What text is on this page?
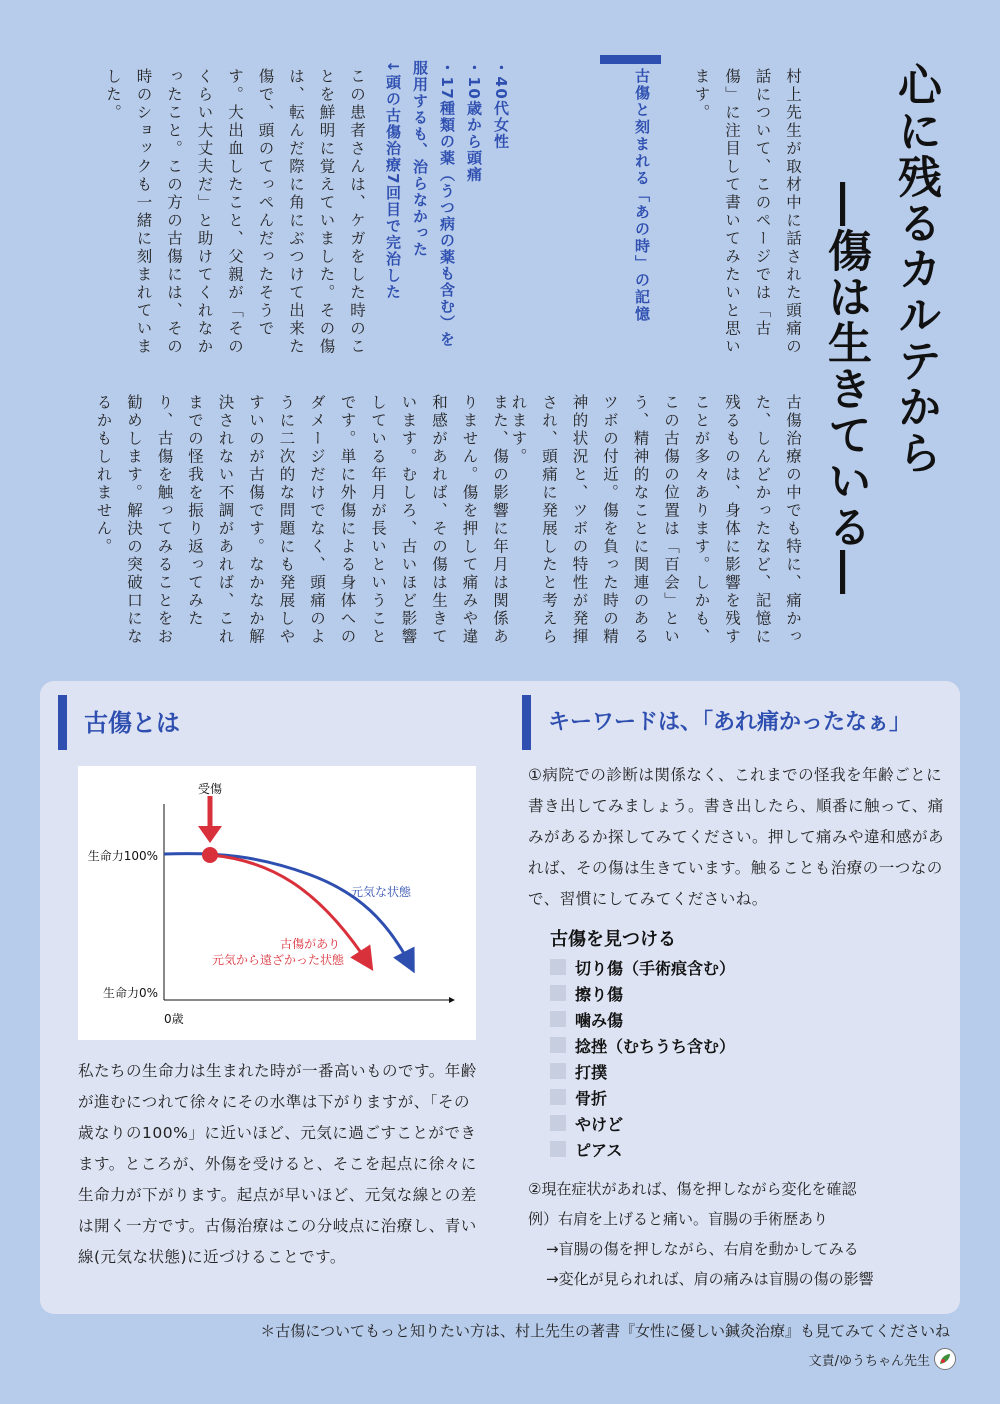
心に残るカルテから
―傷は生きている―
村上先生が取材中に話された頭痛の話について、このページでは「古傷」に注目して書いてみたいと思います。
古傷と刻まれる「あの時」の記憶
・40代女性
・10歳から頭痛
・17種類の薬（うつ病の薬も含む）を服用するも、治らなかった
↓頭の古傷治療7回目で完治した
この患者さんは、ケガをした時のことを鮮明に覚えていました。その傷は、転んだ際に角にぶつけて出来た傷で、頭のてっぺんだったそうです。大出血したこと、父親が「そのくらい大丈夫だ」と助けてくれなかったこと。この方の古傷には、その時のショックも一緒に刻まれていました。
古傷治療の中でも特に、痛かった、しんどかったなど、記憶に残るものは、身体に影響を残すことが多々あります。しかも、この古傷の位置は「百会」という、精神的なことに関連のあるツボの付近。傷を負った時の精神的状況と、ツボの特性が発揮され、頭痛に発展したと考えられます。
また、傷の影響に年月は関係ありません。傷を押して痛みや違和感があれば、その傷は生きています。むしろ、古いほど影響している年月が長いということです。単に外傷による身体へのダメージだけでなく、頭痛のように二次的な問題にも発展しやすいのが古傷です。なかなか解決されない不調があれば、これまでの怪我を振り返ってみたり、古傷を触ってみることをお勧めします。解決の突破口になるかもしれません。
古傷とは	キーワードは、「あれ痛かったなぁ」
生命力100%
生命力0%
0歳
受傷
元気な状態
古傷があり 元気から遠ざかった状態
私たちの生命力は生まれた時が一番高いものです。年齢が進むにつれて徐々にその水準は下がりますが、「その歳なりの100%」に近いほど、元気に過ごすことができます。ところが、外傷を受けると、そこを起点に徐々に生命力が下がります。起点が早いほど、元気な線との差は開く一方です。古傷治療はこの分岐点に治療し、青い線(元気な状態)に近づけることです。
①病院での診断は関係なく、これまでの怪我を年齢ごとに書き出してみましょう。書き出したら、順番に触って、痛みがあるか探してみてください。押して痛みや違和感があれば、その傷は生きています。触ることも治療の一つなので、習慣にしてみてくださいね。
古傷を見つける
切り傷（手術痕含む）
擦り傷
噛み傷
捻挫（むちうち含む）
打撲
骨折
やけど
ピアス
②現在症状があれば、傷を押しながら変化を確認
例）右肩を上げると痛い。盲腸の手術歴あり
→盲腸の傷を押しながら、右肩を動かしてみる
→変化が見られれば、肩の痛みは盲腸の傷の影響
＊古傷についてもっと知りたい方は、村上先生の著書『女性に優しい鍼灸治療』も見てみてくださいね
文責/ゆうちゃん先生
